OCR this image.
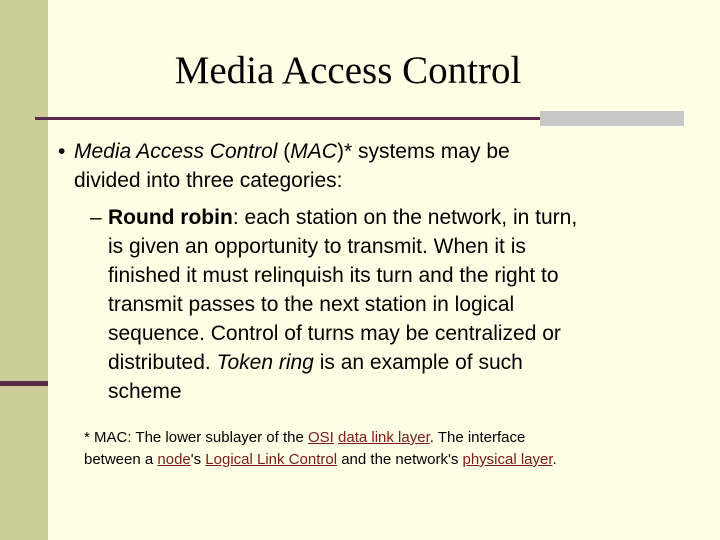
Media Access Control
• Media Access Control (MAC)* systems may be
divided into three categories:
– Round robin: each station on the network, in turn,
is given an opportunity to transmit. When it is
finished it must relinquish its turn and the right to
transmit passes to the next station in logical
sequence. Control of turns may be centralized or
distributed. Token ring is an example of such
scheme
* MAC: The lower sublayer of the OSI data link layer. The interface
between a node's Logical Link Control and the network's physical layer.
